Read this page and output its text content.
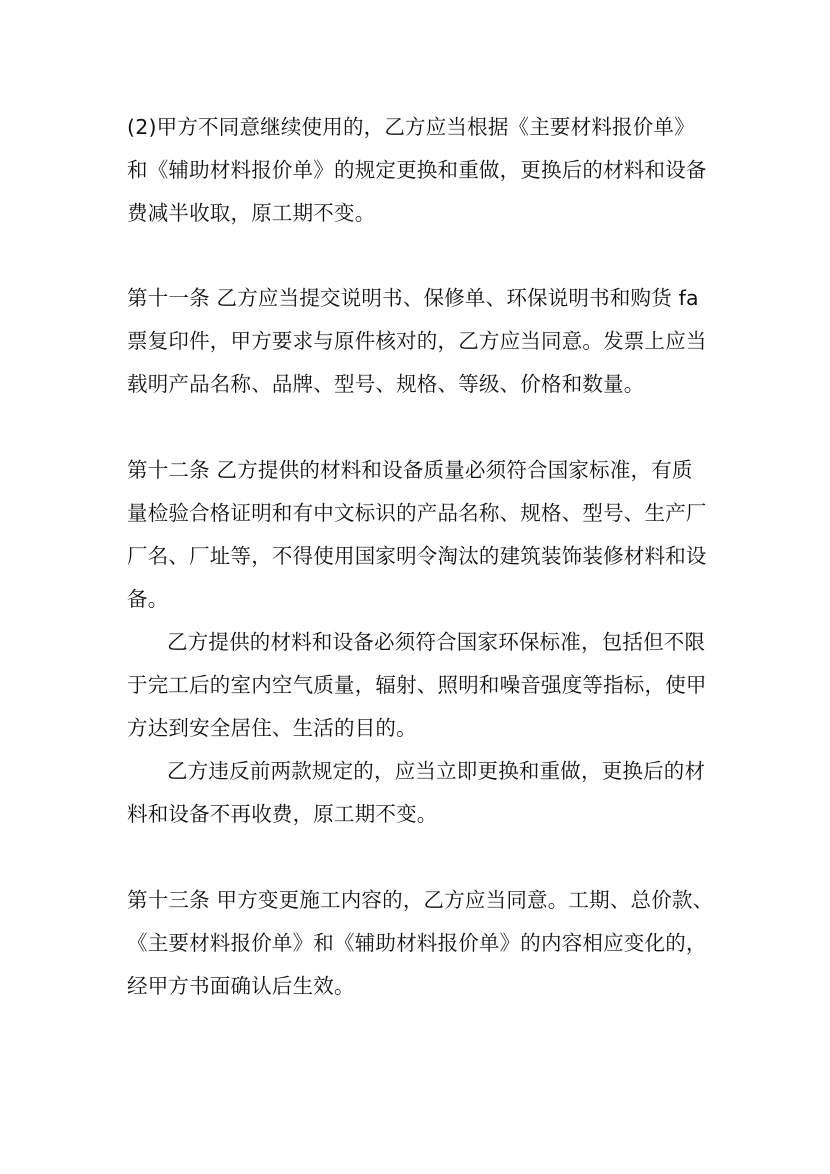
(2)甲方不同意继续使用的，乙方应当根据《主要材料报价单》
和《辅助材料报价单》的规定更换和重做，更换后的材料和设备
费减半收取，原工期不变。
第十一条 乙方应当提交说明书、保修单、环保说明书和购货 fa
票复印件，甲方要求与原件核对的，乙方应当同意。发票上应当
载明产品名称、品牌、型号、规格、等级、价格和数量。
第十二条 乙方提供的材料和设备质量必须符合国家标准，有质
量检验合格证明和有中文标识的产品名称、规格、型号、生产厂
厂名、厂址等，不得使用国家明令淘汰的建筑装饰装修材料和设
备。
乙方提供的材料和设备必须符合国家环保标准，包括但不限
于完工后的室内空气质量，辐射、照明和噪音强度等指标，使甲
方达到安全居住、生活的目的。
乙方违反前两款规定的，应当立即更换和重做，更换后的材
料和设备不再收费，原工期不变。
第十三条 甲方变更施工内容的，乙方应当同意。工期、总价款、
《主要材料报价单》和《辅助材料报价单》的内容相应变化的，
经甲方书面确认后生效。
